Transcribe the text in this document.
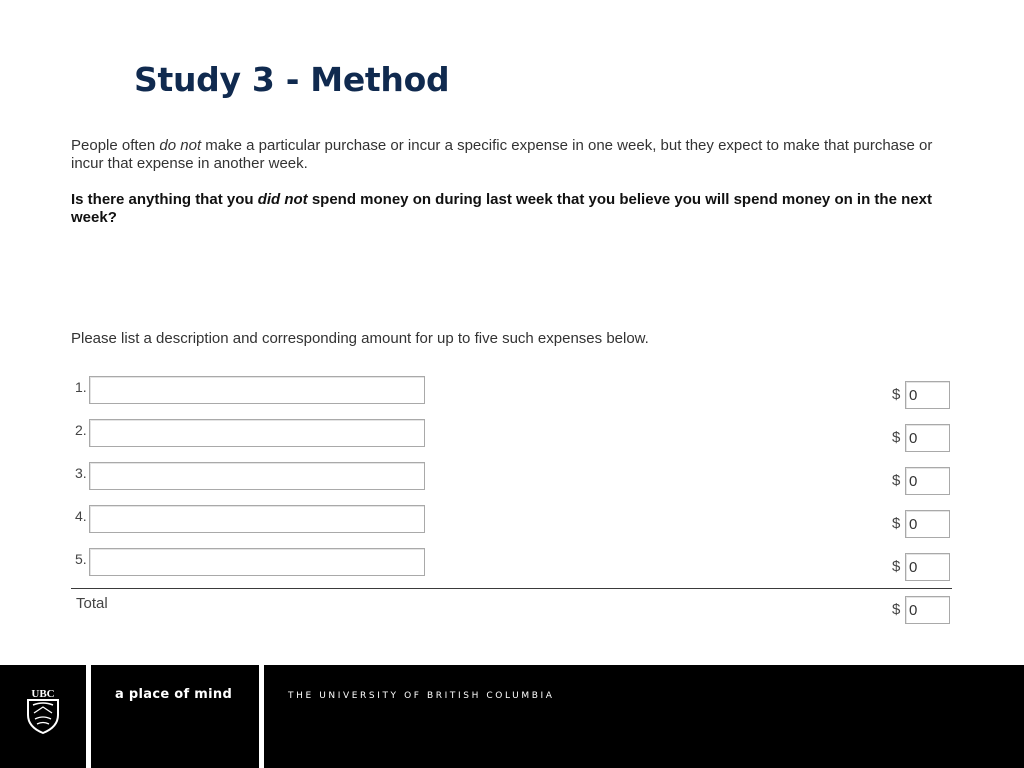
Study 3 - Method
People often do not make a particular purchase or incur a specific expense in one week, but they expect to make that purchase or incur that expense in another week.
Is there anything that you did not spend money on during last week that you believe you will spend money on in the next week?
Please list a description and corresponding amount for up to five such expenses below.
1.	$ 0
2.	$ 0
3.	$ 0
4.	$ 0
5.	$ 0
Total	$ 0
UBC	a place of mind	THE UNIVERSITY OF BRITISH COLUMBIA
